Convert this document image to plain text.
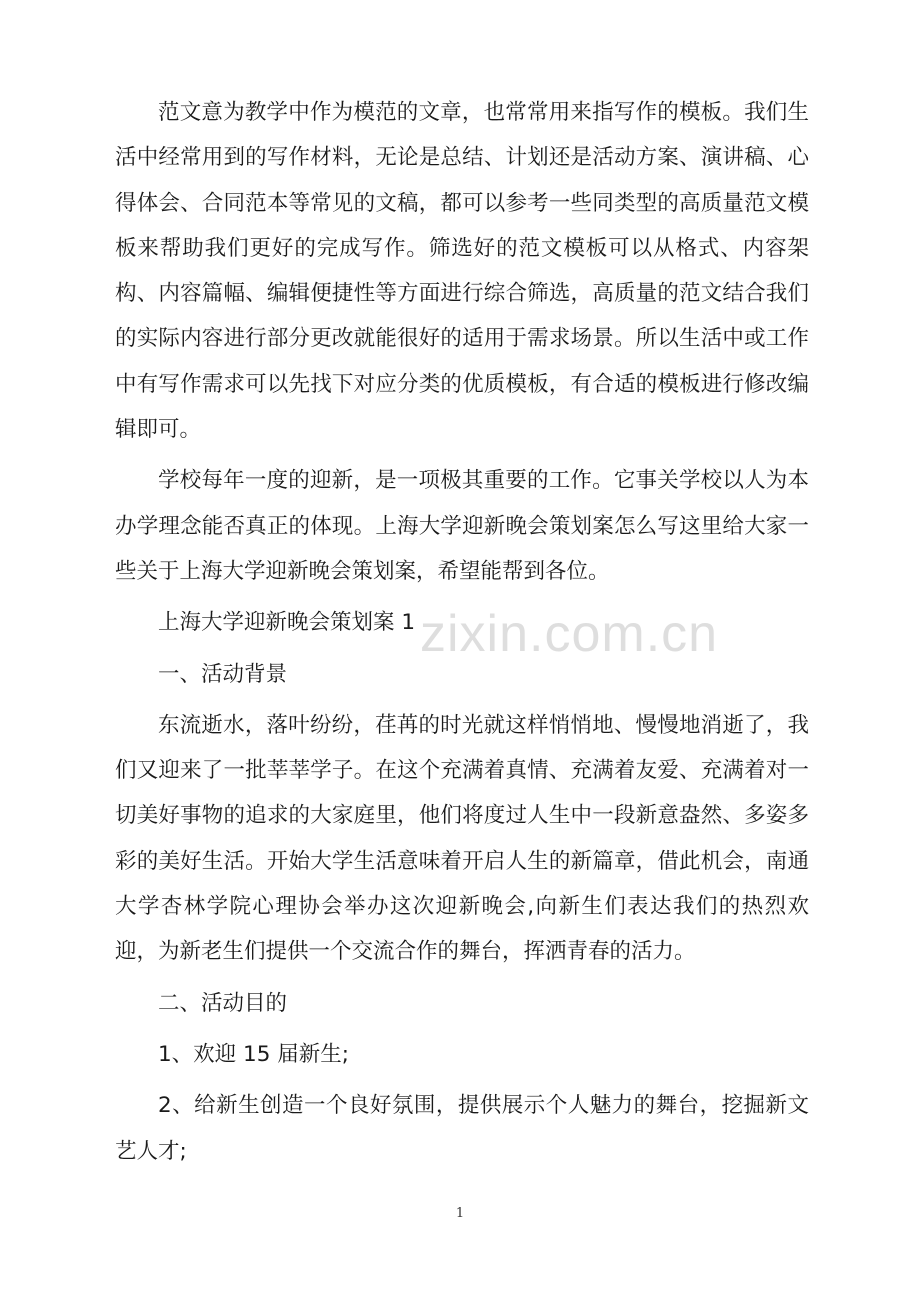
范文意为教学中作为模范的文章，也常常用来指写作的模板。我们生活中经常用到的写作材料，无论是总结、计划还是活动方案、演讲稿、心得体会、合同范本等常见的文稿，都可以参考一些同类型的高质量范文模板来帮助我们更好的完成写作。筛选好的范文模板可以从格式、内容架构、内容篇幅、编辑便捷性等方面进行综合筛选，高质量的范文结合我们的实际内容进行部分更改就能很好的适用于需求场景。所以生活中或工作中有写作需求可以先找下对应分类的优质模板，有合适的模板进行修改编辑即可。

学校每年一度的迎新，是一项极其重要的工作。它事关学校以人为本办学理念能否真正的体现。上海大学迎新晚会策划案怎么写这里给大家一些关于上海大学迎新晚会策划案，希望能帮到各位。

上海大学迎新晚会策划案 1

一、活动背景

东流逝水，落叶纷纷，荏苒的时光就这样悄悄地、慢慢地消逝了，我们又迎来了一批莘莘学子。在这个充满着真情、充满着友爱、充满着对一切美好事物的追求的大家庭里，他们将度过人生中一段新意盎然、多姿多彩的美好生活。开始大学生活意味着开启人生的新篇章，借此机会，南通大学杏林学院心理协会举办这次迎新晚会,向新生们表达我们的热烈欢迎，为新老生们提供一个交流合作的舞台，挥洒青春的活力。

二、活动目的

1、欢迎 15 届新生;

2、给新生创造一个良好氛围，提供展示个人魅力的舞台，挖掘新文艺人才;

zixin.com.cn
1
